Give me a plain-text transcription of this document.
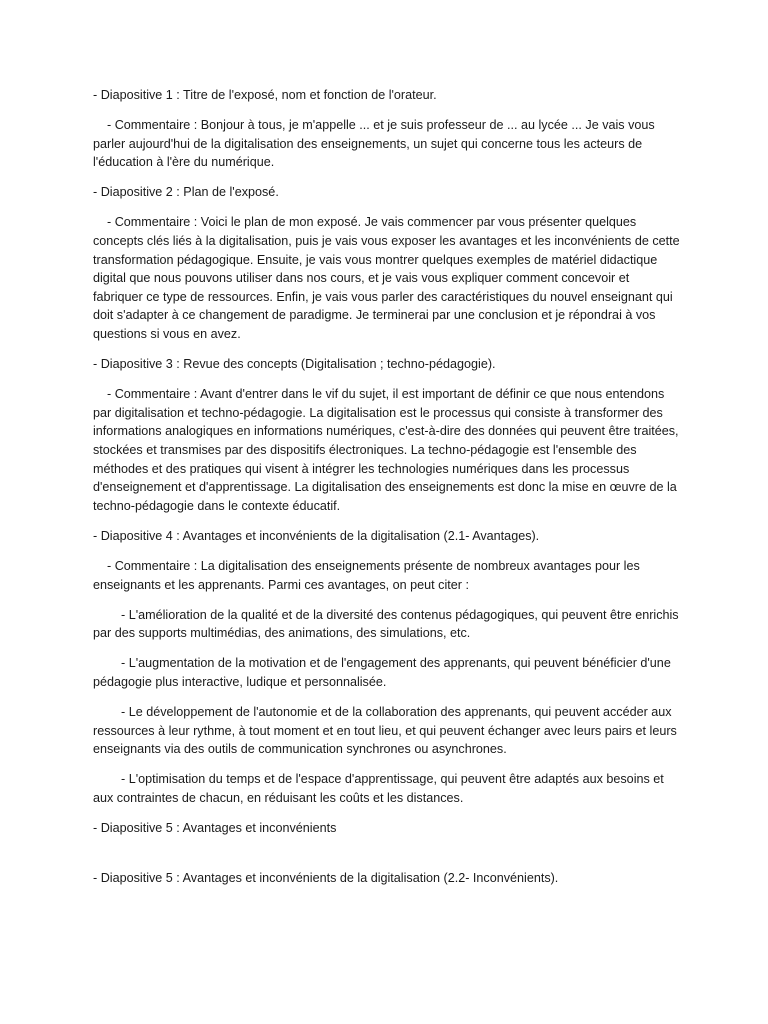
- Diapositive 1 : Titre de l'exposé, nom et fonction de l'orateur.

- Commentaire : Bonjour à tous, je m'appelle ... et je suis professeur de ... au lycée ... Je vais vous parler aujourd'hui de la digitalisation des enseignements, un sujet qui concerne tous les acteurs de l'éducation à l'ère du numérique.

- Diapositive 2 : Plan de l'exposé.

- Commentaire : Voici le plan de mon exposé. Je vais commencer par vous présenter quelques concepts clés liés à la digitalisation, puis je vais vous exposer les avantages et les inconvénients de cette transformation pédagogique. Ensuite, je vais vous montrer quelques exemples de matériel didactique digital que nous pouvons utiliser dans nos cours, et je vais vous expliquer comment concevoir et fabriquer ce type de ressources. Enfin, je vais vous parler des caractéristiques du nouvel enseignant qui doit s'adapter à ce changement de paradigme. Je terminerai par une conclusion et je répondrai à vos questions si vous en avez.

- Diapositive 3 : Revue des concepts (Digitalisation ; techno-pédagogie).

- Commentaire : Avant d'entrer dans le vif du sujet, il est important de définir ce que nous entendons par digitalisation et techno-pédagogie. La digitalisation est le processus qui consiste à transformer des informations analogiques en informations numériques, c'est-à-dire des données qui peuvent être traitées, stockées et transmises par des dispositifs électroniques. La techno-pédagogie est l'ensemble des méthodes et des pratiques qui visent à intégrer les technologies numériques dans les processus d'enseignement et d'apprentissage. La digitalisation des enseignements est donc la mise en œuvre de la techno-pédagogie dans le contexte éducatif.

- Diapositive 4 : Avantages et inconvénients de la digitalisation (2.1- Avantages).

- Commentaire : La digitalisation des enseignements présente de nombreux avantages pour les enseignants et les apprenants. Parmi ces avantages, on peut citer :

- L'amélioration de la qualité et de la diversité des contenus pédagogiques, qui peuvent être enrichis par des supports multimédias, des animations, des simulations, etc.

- L'augmentation de la motivation et de l'engagement des apprenants, qui peuvent bénéficier d'une pédagogie plus interactive, ludique et personnalisée.

- Le développement de l'autonomie et de la collaboration des apprenants, qui peuvent accéder aux ressources à leur rythme, à tout moment et en tout lieu, et qui peuvent échanger avec leurs pairs et leurs enseignants via des outils de communication synchrones ou asynchrones.

- L'optimisation du temps et de l'espace d'apprentissage, qui peuvent être adaptés aux besoins et aux contraintes de chacun, en réduisant les coûts et les distances.

- Diapositive 5 : Avantages et inconvénients

- Diapositive 5 : Avantages et inconvénients de la digitalisation (2.2- Inconvénients).
